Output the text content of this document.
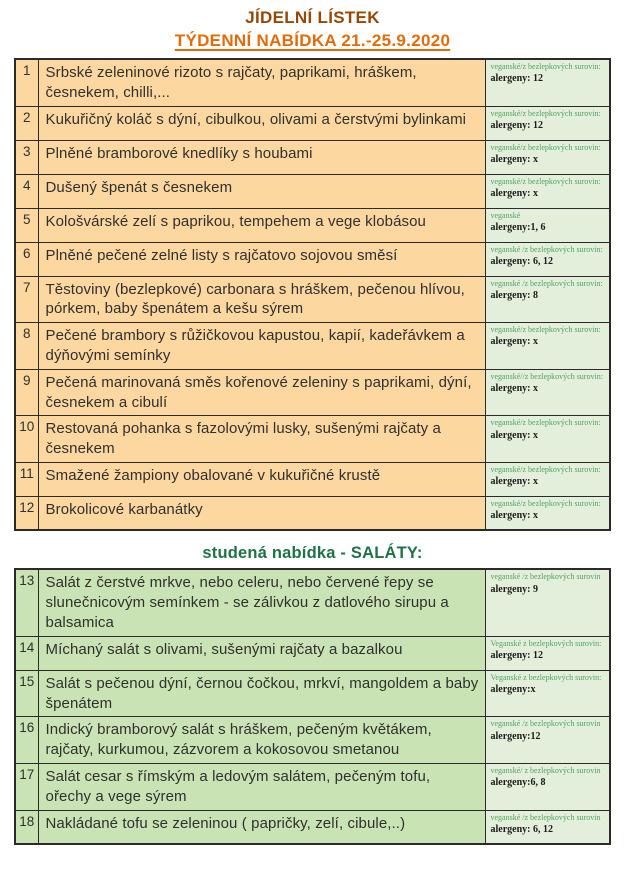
JÍDELNÍ LÍSTEK
TÝDENNÍ NABÍDKA 21.-25.9.2020
1	Srbské zeleninové rizoto s rajčaty, paprikami, hráškem, česnekem, chilli,...	veganské/z bezlepkových surovin:
alergeny: 12

2	Kukuřičný koláč s dýní, cibulkou, olivami a čerstvými bylinkami	veganské/z bezlepkových surovin:
alergeny: 12

3	Plněné bramborové knedlíky s houbami	veganské/z bezlepkových surovin:
alergeny: x

4	Dušený špenát s česnekem	veganské/z bezlepkových surovin:
alergeny: x

5	Kološvárské zelí s paprikou, tempehem a vege klobásou	veganské
alergeny:1, 6

6	Plněné pečené zelné listy s rajčatovo sojovou směsí	veganské /z bezlepkových surovin:
alergeny: 6, 12

7	Těstoviny (bezlepkové) carbonara s hráškem, pečenou hlívou, pórkem, baby špenátem a kešu sýrem	veganské /z bezlepkových surovin:
alergeny: 8

8	Pečené brambory s růžičkovou kapustou, kapií, kadeřávkem a dýňovými semínky	veganské/z bezlepkových surovin:
alergeny: x

9	Pečená marinovaná směs kořenové zeleniny s paprikami, dýní, česnekem a cibulí	veganské//z bezlepkových surovin:
alergeny: x

10	Restovaná pohanka s fazolovými lusky, sušenými rajčaty a česnekem	veganské/z bezlepkových surovin:
alergeny: x

11	Smažené žampiony obalované v kukuřičné krustě	veganské/z bezlepkových surovin:
alergeny: x

12	Brokolicové karbanátky	veganské/z bezlepkových surovin:
alergeny: x
studená nabídka - SALÁTY:
13	Salát z čerstvé mrkve, nebo celeru, nebo červené řepy se slunečnicovým semínkem - se zálivkou z datlového sirupu a balsamica	veganské /z bezlepkových surovin
alergeny: 9

14	Míchaný salát s olivami, sušenými rajčaty a bazalkou	Veganské z bezlepkových surovin:
alergeny: 12

15	Salát s pečenou dýní, černou čočkou, mrkví, mangoldem a baby špenátem	Veganské z bezlepkových surovin:
alergeny:x

16	Indický bramborový salát s hráškem, pečeným květákem, rajčaty, kurkumou, zázvorem a kokosovou smetanou	veganské /z bezlepkových surovin
alergeny:12

17	Salát cesar s římským a ledovým salátem, pečeným tofu, ořechy a vege sýrem	veganské/ z bezlepkových surovin
alergeny:6, 8

18	Nakládané tofu se zeleninou ( papričky, zelí, cibule,..)	veganské /z bezlepkových surovin
alergeny: 6, 12
